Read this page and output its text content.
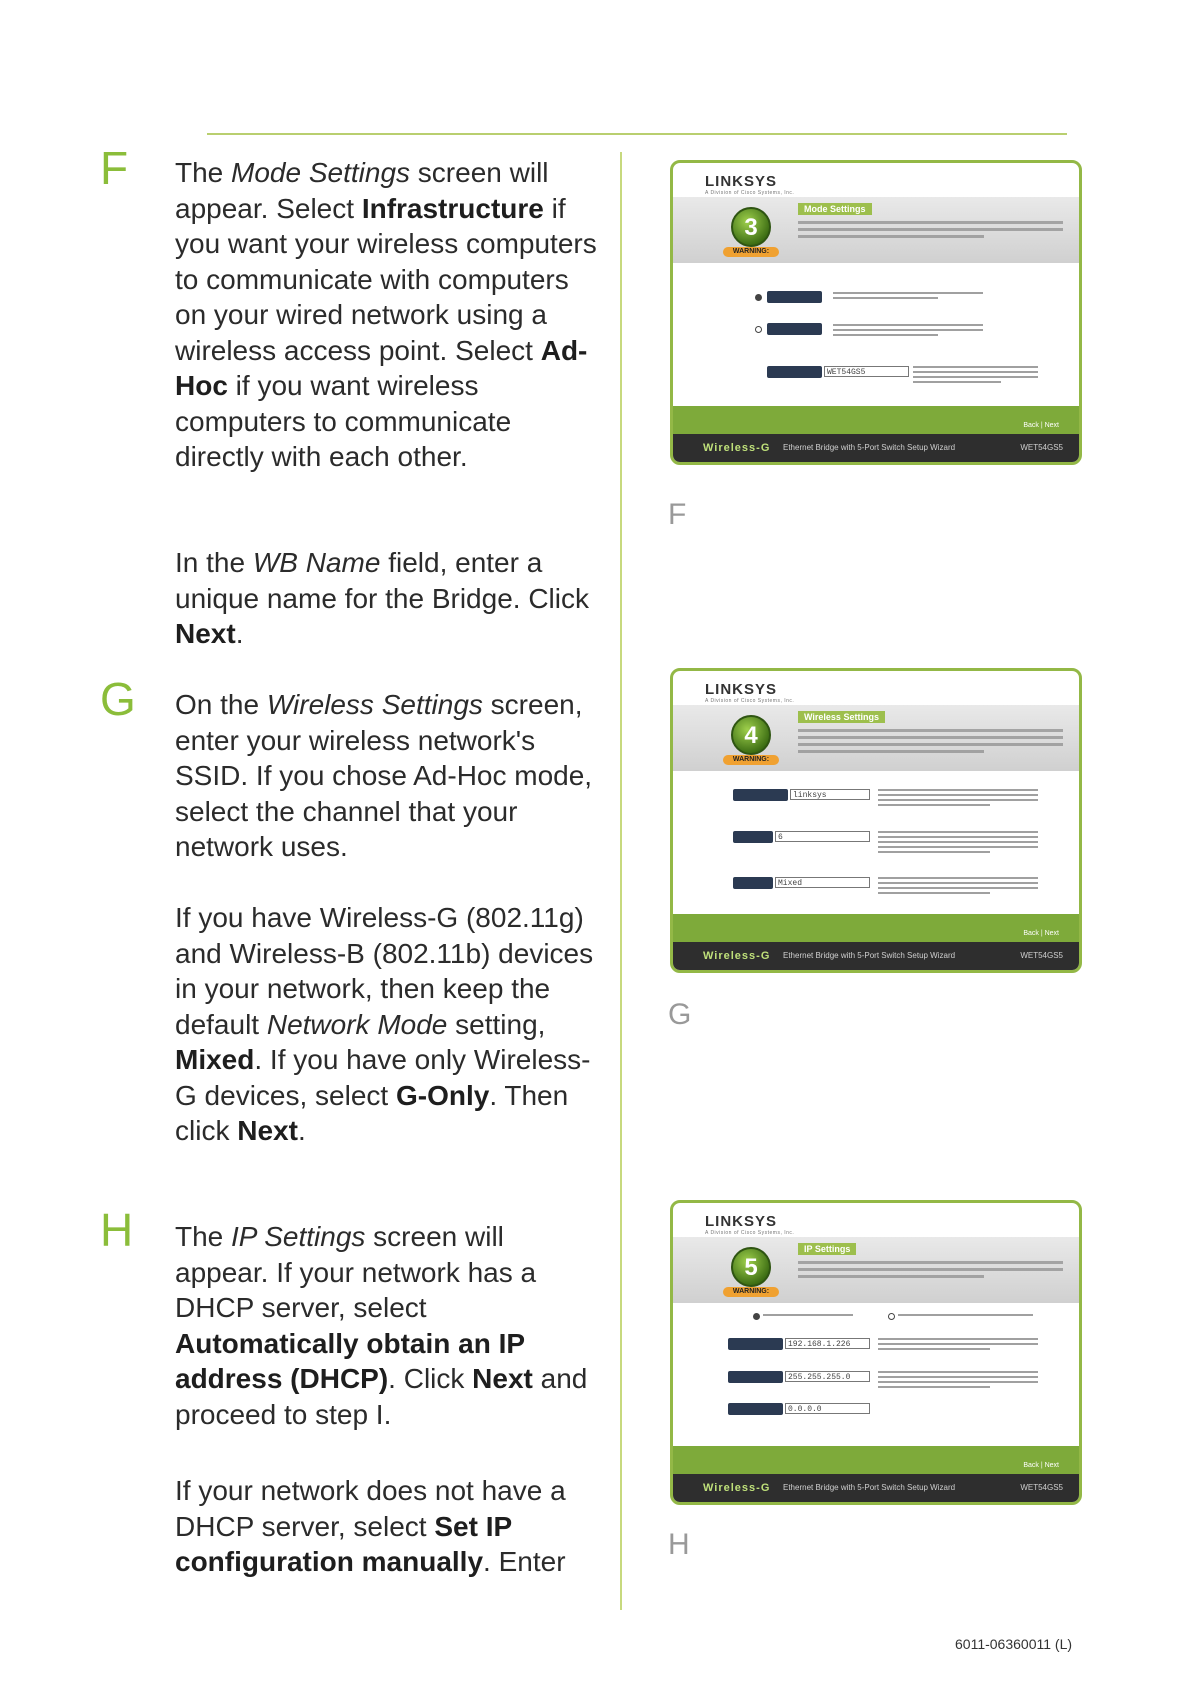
F The Mode Settings screen will appear. Select Infrastructure if you want your wireless computers to communicate with computers on your wired network using a wireless access point. Select Ad-Hoc if you want wireless computers to communicate directly with each other.

In the WB Name field, enter a unique name for the Bridge. Click Next.

G On the Wireless Settings screen, enter your wireless network's SSID. If you chose Ad-Hoc mode, select the channel that your network uses.

If you have Wireless-G (802.11g) and Wireless-B (802.11b) devices in your network, then keep the default Network Mode setting, Mixed. If you have only Wireless-G devices, select G-Only. Then click Next.

H The IP Settings screen will appear. If your network has a DHCP server, select Automatically obtain an IP address (DHCP). Click Next and proceed to step I.

If your network does not have a DHCP server, select Set IP configuration manually. Enter

LINKSYS
A Division of Cisco Systems, Inc.
3
WARNING:
Mode Settings
WET54GS5
Back | Next
Wireless-G Ethernet Bridge with 5-Port Switch Setup Wizard	WET54GS5
F
LINKSYS
A Division of Cisco Systems, Inc.
4
WARNING:
Wireless Settings
linksys
6
Mixed
Back | Next
Wireless-G Ethernet Bridge with 5-Port Switch Setup Wizard	WET54GS5
G
LINKSYS
A Division of Cisco Systems, Inc.
5
WARNING:
IP Settings
192.168.1.226
255.255.255.0
0.0.0.0
Back | Next
Wireless-G Ethernet Bridge with 5-Port Switch Setup Wizard	WET54GS5
H
6011-06360011 (L)
